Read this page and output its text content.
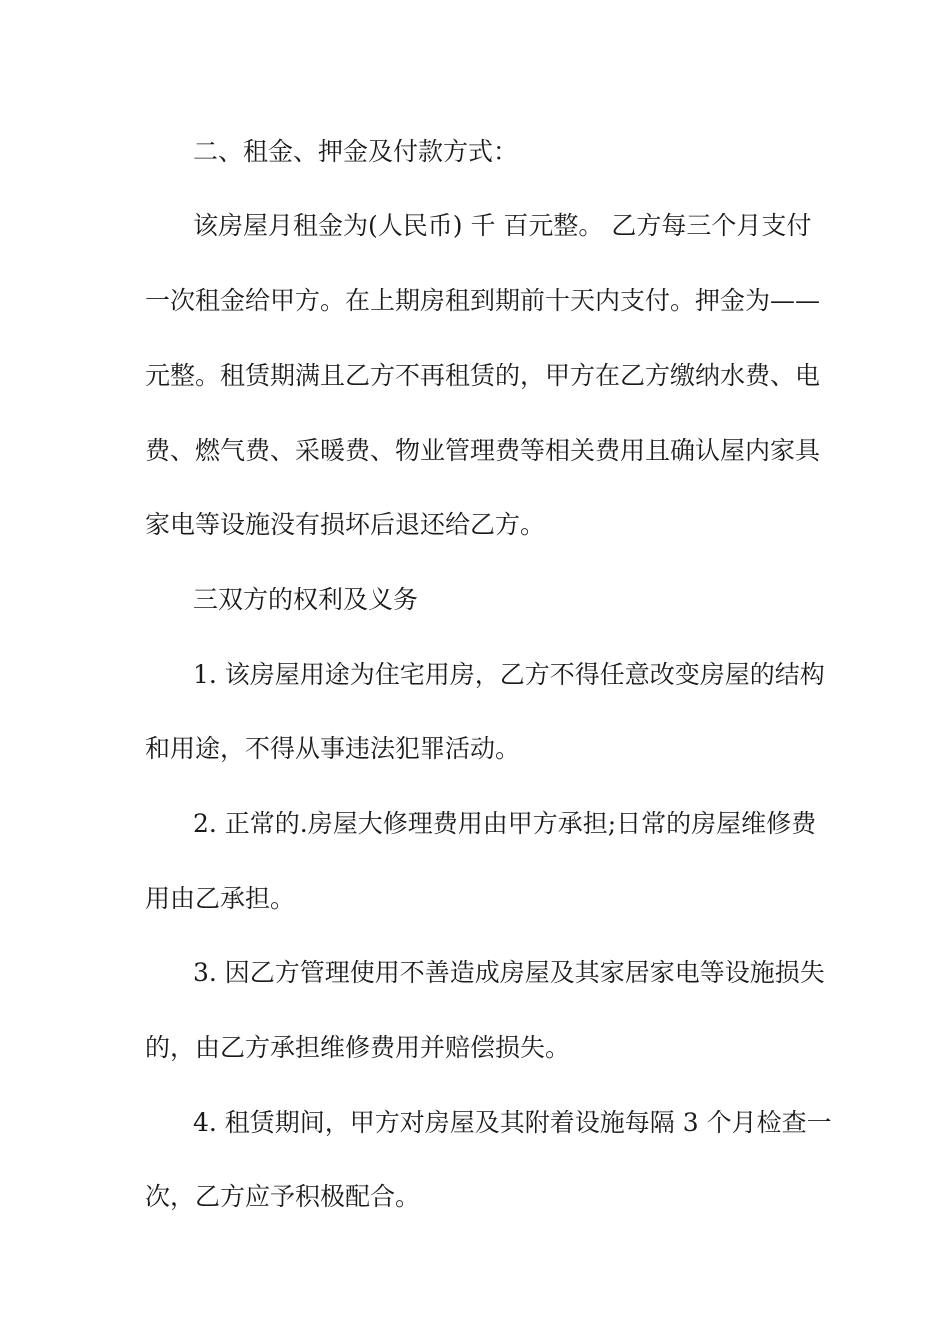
二、租金、押金及付款方式：

该房屋月租金为(人民币) 千 百元整。 乙方每三个月支付

一次租金给甲方。在上期房租到期前十天内支付。押金为——

元整。租赁期满且乙方不再租赁的，甲方在乙方缴纳水费、电

费、燃气费、采暖费、物业管理费等相关费用且确认屋内家具

家电等设施没有损坏后退还给乙方。

三双方的权利及义务

1. 该房屋用途为住宅用房，乙方不得任意改变房屋的结构

和用途，不得从事违法犯罪活动。

2. 正常的.房屋大修理费用由甲方承担;日常的房屋维修费

用由乙承担。

3. 因乙方管理使用不善造成房屋及其家居家电等设施损失

的，由乙方承担维修费用并赔偿损失。

4. 租赁期间，甲方对房屋及其附着设施每隔 3 个月检查一

次，乙方应予积极配合。
